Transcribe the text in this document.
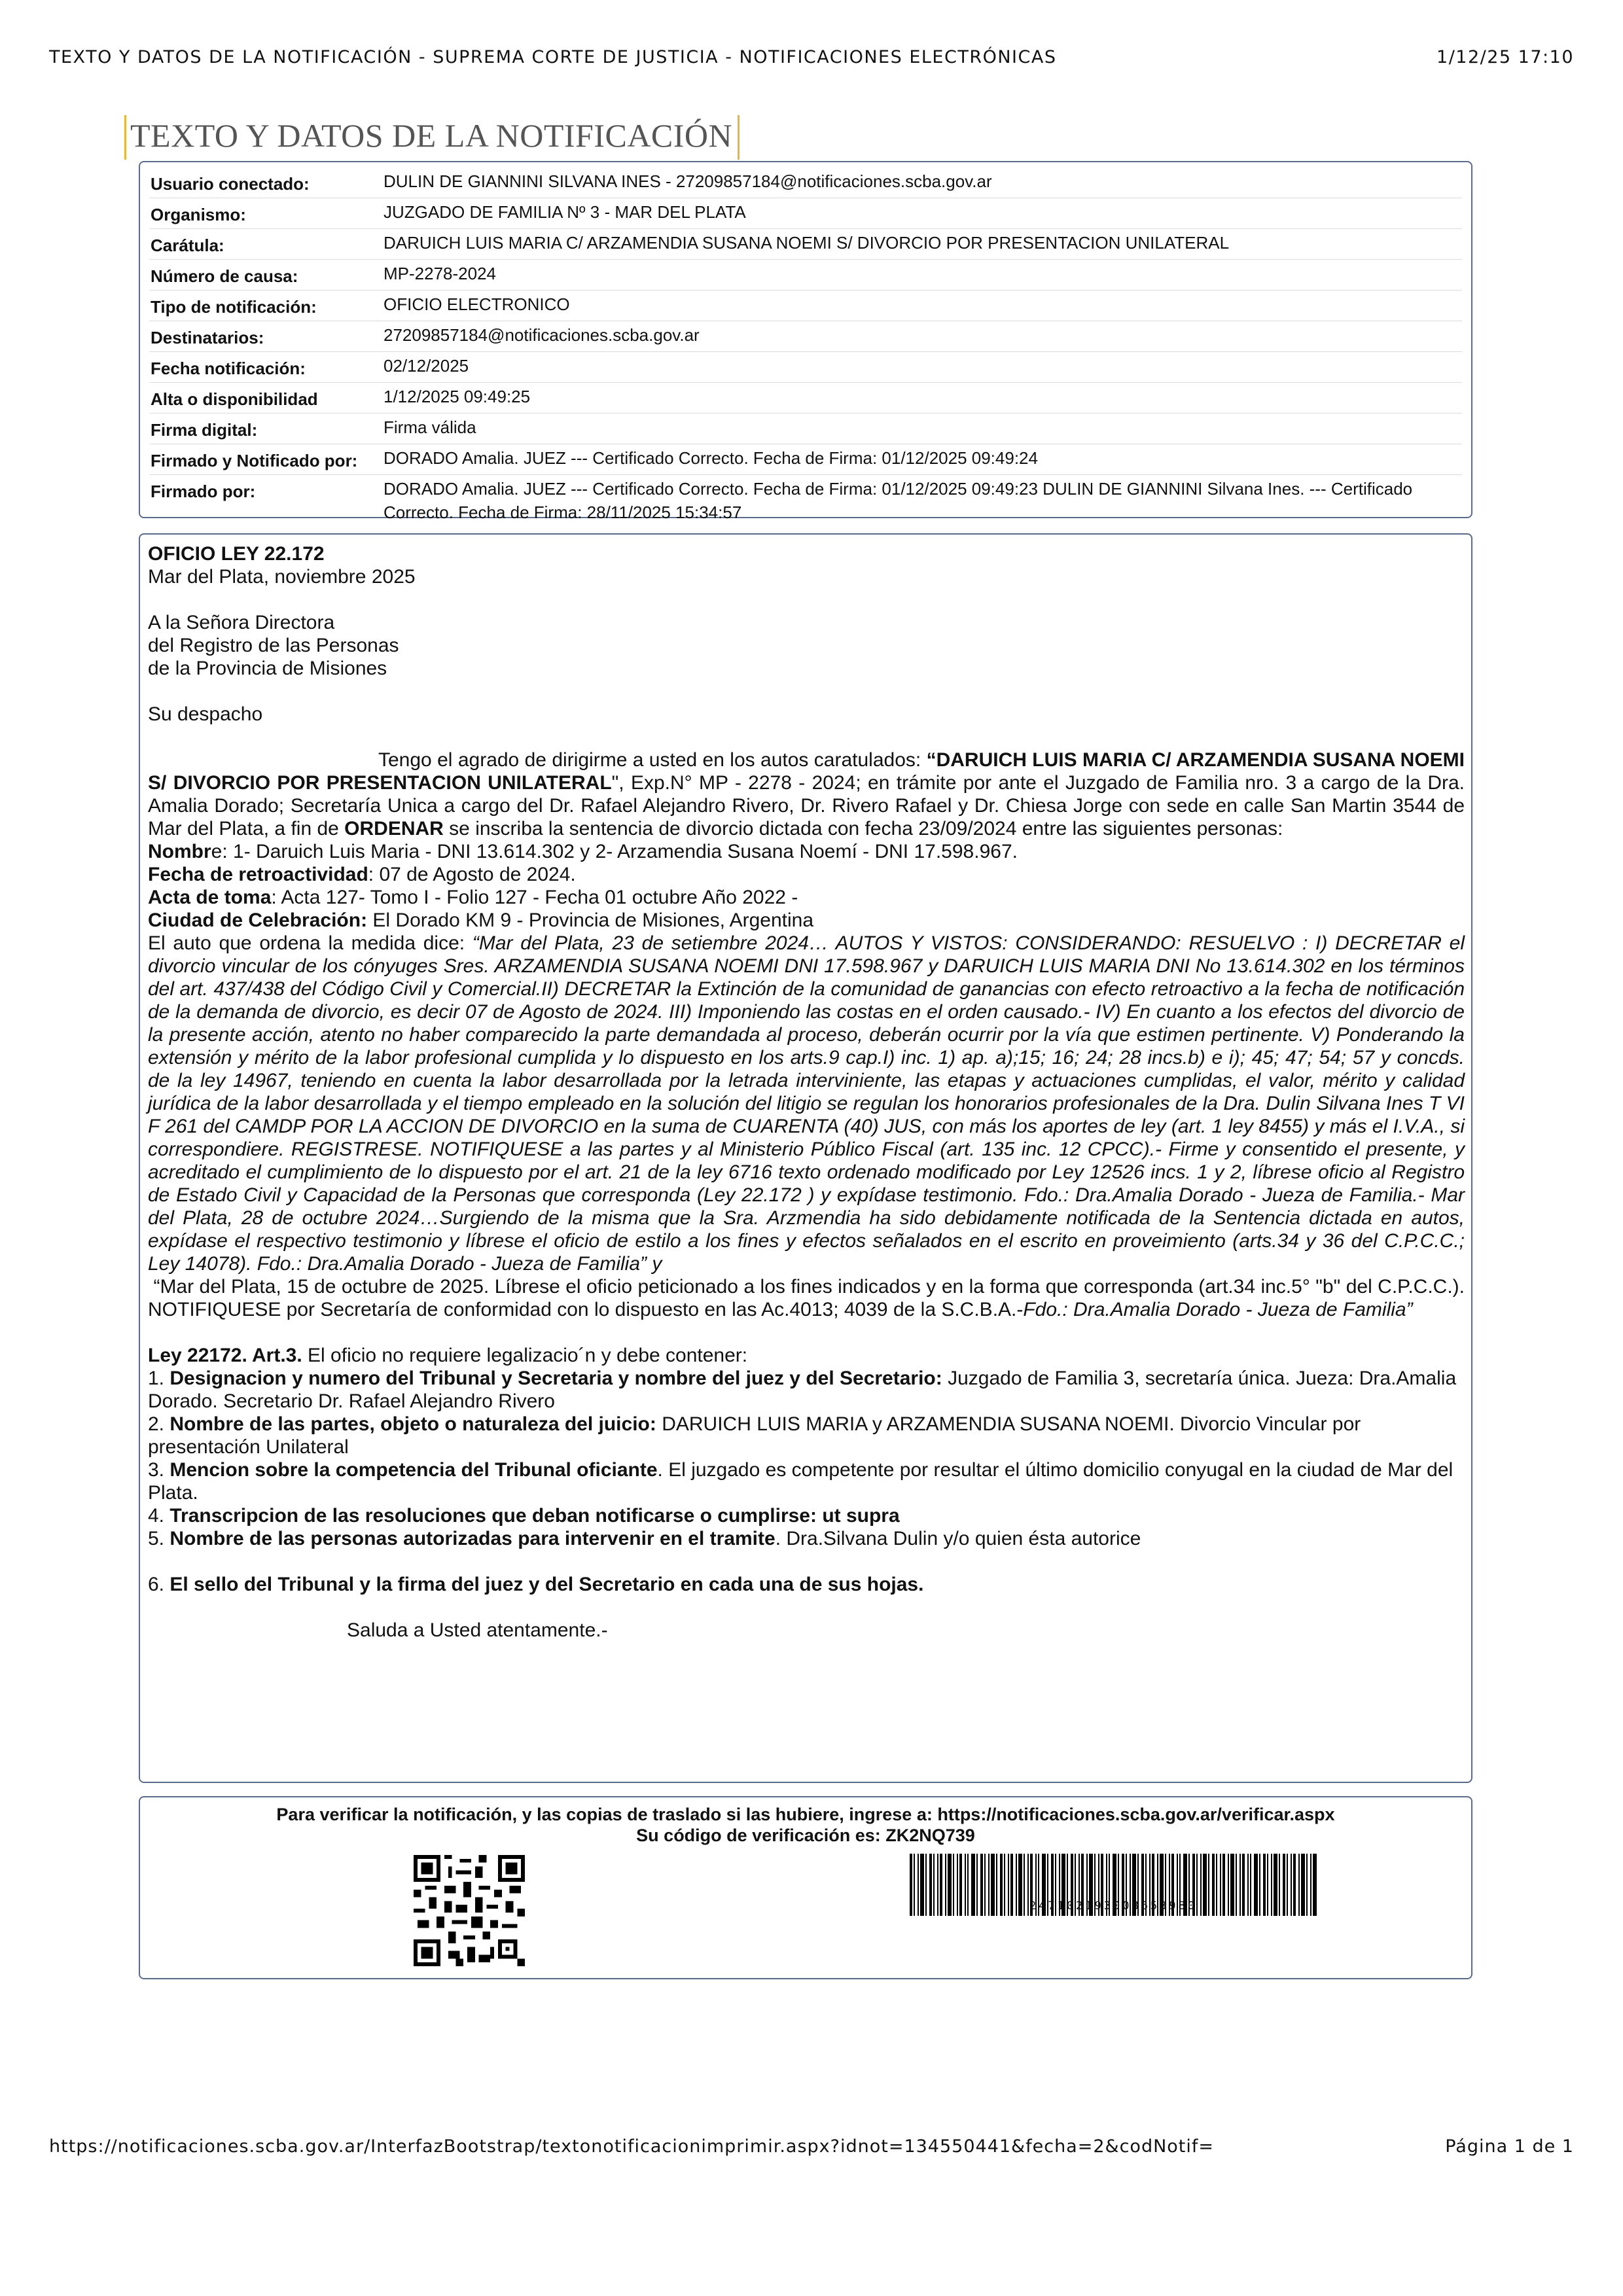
TEXTO Y DATOS DE LA NOTIFICACIÓN - SUPREMA CORTE DE JUSTICIA - NOTIFICACIONES ELECTRÓNICAS	1/12/25 17:10
TEXTO Y DATOS DE LA NOTIFICACIÓN
Usuario conectado:	DULIN DE GIANNINI SILVANA INES - 27209857184@notificaciones.scba.gov.ar
Organismo:	JUZGADO DE FAMILIA Nº 3 - MAR DEL PLATA
Carátula:	DARUICH LUIS MARIA C/ ARZAMENDIA SUSANA NOEMI S/ DIVORCIO POR PRESENTACION UNILATERAL
Número de causa:	MP-2278-2024
Tipo de notificación:	OFICIO ELECTRONICO
Destinatarios:	27209857184@notificaciones.scba.gov.ar
Fecha notificación:	02/12/2025
Alta o disponibilidad	1/12/2025 09:49:25
Firma digital:	Firma válida
Firmado y Notificado por:	DORADO Amalia. JUEZ --- Certificado Correcto. Fecha de Firma: 01/12/2025 09:49:24
Firmado por:	DORADO Amalia. JUEZ --- Certificado Correcto. Fecha de Firma: 01/12/2025 09:49:23 DULIN DE GIANNINI Silvana Ines. --- Certificado Correcto. Fecha de Firma: 28/11/2025 15:34:57

OFICIO LEY 22.172

Mar del Plata, noviembre 2025

A la Señora Directora

del Registro de las Personas

de la Provincia de Misiones

Su despacho

Tengo el agrado de dirigirme a usted en los autos caratulados: “DARUICH LUIS MARIA C/ ARZAMENDIA SUSANA NOEMI S/ DIVORCIO POR PRESENTACION UNILATERAL", Exp.N° MP - 2278 - 2024; en trámite por ante el Juzgado de Familia nro. 3 a cargo de la Dra. Amalia Dorado; Secretaría Unica a cargo del Dr. Rafael Alejandro Rivero, Dr. Rivero Rafael y Dr. Chiesa Jorge con sede en calle San Martin 3544 de Mar del Plata, a fin de ORDENAR se inscriba la sentencia de divorcio dictada con fecha 23/09/2024 entre las siguientes personas:

Nombre: 1- Daruich Luis Maria - DNI 13.614.302 y 2- Arzamendia Susana Noemí - DNI 17.598.967.

Fecha de retroactividad: 07 de Agosto de 2024.

Acta de toma: Acta 127- Tomo I - Folio 127 - Fecha 01 octubre Año 2022 -

Ciudad de Celebración: El Dorado KM 9 - Provincia de Misiones, Argentina

El auto que ordena la medida dice: “Mar del Plata, 23 de setiembre 2024… AUTOS Y VISTOS: CONSIDERANDO: RESUELVO : I) DECRETAR el divorcio vincular de los cónyuges Sres. ARZAMENDIA SUSANA NOEMI DNI 17.598.967 y DARUICH LUIS MARIA DNI No 13.614.302 en los términos del art. 437/438 del Código Civil y Comercial.II) DECRETAR la Extinción de la comunidad de ganancias con efecto retroactivo a la fecha de notificación de la demanda de divorcio, es decir 07 de Agosto de 2024. III) Imponiendo las costas en el orden causado.- IV) En cuanto a los efectos del divorcio de la presente acción, atento no haber comparecido la parte demandada al proceso, deberán ocurrir por la vía que estimen pertinente. V) Ponderando la extensión y mérito de la labor profesional cumplida y lo dispuesto en los arts.9 cap.I) inc. 1) ap. a);15; 16; 24; 28 incs.b) e i); 45; 47; 54; 57 y concds. de la ley 14967, teniendo en cuenta la labor desarrollada por la letrada interviniente, las etapas y actuaciones cumplidas, el valor, mérito y calidad jurídica de la labor desarrollada y el tiempo empleado en la solución del litigio se regulan los honorarios profesionales de la Dra. Dulin Silvana Ines T VI F 261 del CAMDP POR LA ACCION DE DIVORCIO en la suma de CUARENTA (40) JUS, con más los aportes de ley (art. 1 ley 8455) y más el I.V.A., si correspondiere. REGISTRESE. NOTIFIQUESE a las partes y al Ministerio Público Fiscal (art. 135 inc. 12 CPCC).- Firme y consentido el presente, y acreditado el cumplimiento de lo dispuesto por el art. 21 de la ley 6716 texto ordenado modificado por Ley 12526 incs. 1 y 2, líbrese oficio al Registro de Estado Civil y Capacidad de la Personas que corresponda (Ley 22.172 ) y expídase testimonio. Fdo.: Dra.Amalia Dorado - Jueza de Familia.- Mar del Plata, 28 de octubre 2024…Surgiendo de la misma que la Sra. Arzmendia ha sido debidamente notificada de la Sentencia dictada en autos, expídase el respectivo testimonio y líbrese el oficio de estilo a los fines y efectos señalados en el escrito en proveimiento (arts.34 y 36 del C.P.C.C.; Ley 14078). Fdo.: Dra.Amalia Dorado - Jueza de Familia” y

“Mar del Plata, 15 de octubre de 2025. Líbrese el oficio peticionado a los fines indicados y en la forma que corresponda (art.34 inc.5° "b" del C.P.C.C.). NOTIFIQUESE por Secretaría de conformidad con lo dispuesto en las Ac.4013; 4039 de la S.C.B.A.-Fdo.: Dra.Amalia Dorado - Jueza de Familia”

Ley 22172. Art.3. El oficio no requiere legalizacio´n y debe contener:

1. Designacion y numero del Tribunal y Secretaria y nombre del juez y del Secretario: Juzgado de Familia 3, secretaría única. Jueza: Dra.Amalia Dorado. Secretario Dr. Rafael Alejandro Rivero

2. Nombre de las partes, objeto o naturaleza del juicio: DARUICH LUIS MARIA y ARZAMENDIA SUSANA NOEMI. Divorcio Vincular por presentación Unilateral

3. Mencion sobre la competencia del Tribunal oficiante. El juzgado es competente por resultar el último domicilio conyugal en la ciudad de Mar del Plata.

4. Transcripcion de las resoluciones que deban notificarse o cumplirse: ut supra

5. Nombre de las personas autorizadas para intervenir en el tramite. Dra.Silvana Dulin y/o quien ésta autorice

6. El sello del Tribunal y la firma del juez y del Secretario en cada una de sus hojas.

Saluda a Usted atentamente.-

Para verificar la notificación, y las copias de traslado si las hubiere, ingrese a: https://notificaciones.scba.gov.ar/verificar.aspx
Su código de verificación es: ZK2NQ739
247102193008653980
https://notificaciones.scba.gov.ar/InterfazBootstrap/textonotificacionimprimir.aspx?idnot=134550441&fecha=2&codNotif=	Página 1 de 1
